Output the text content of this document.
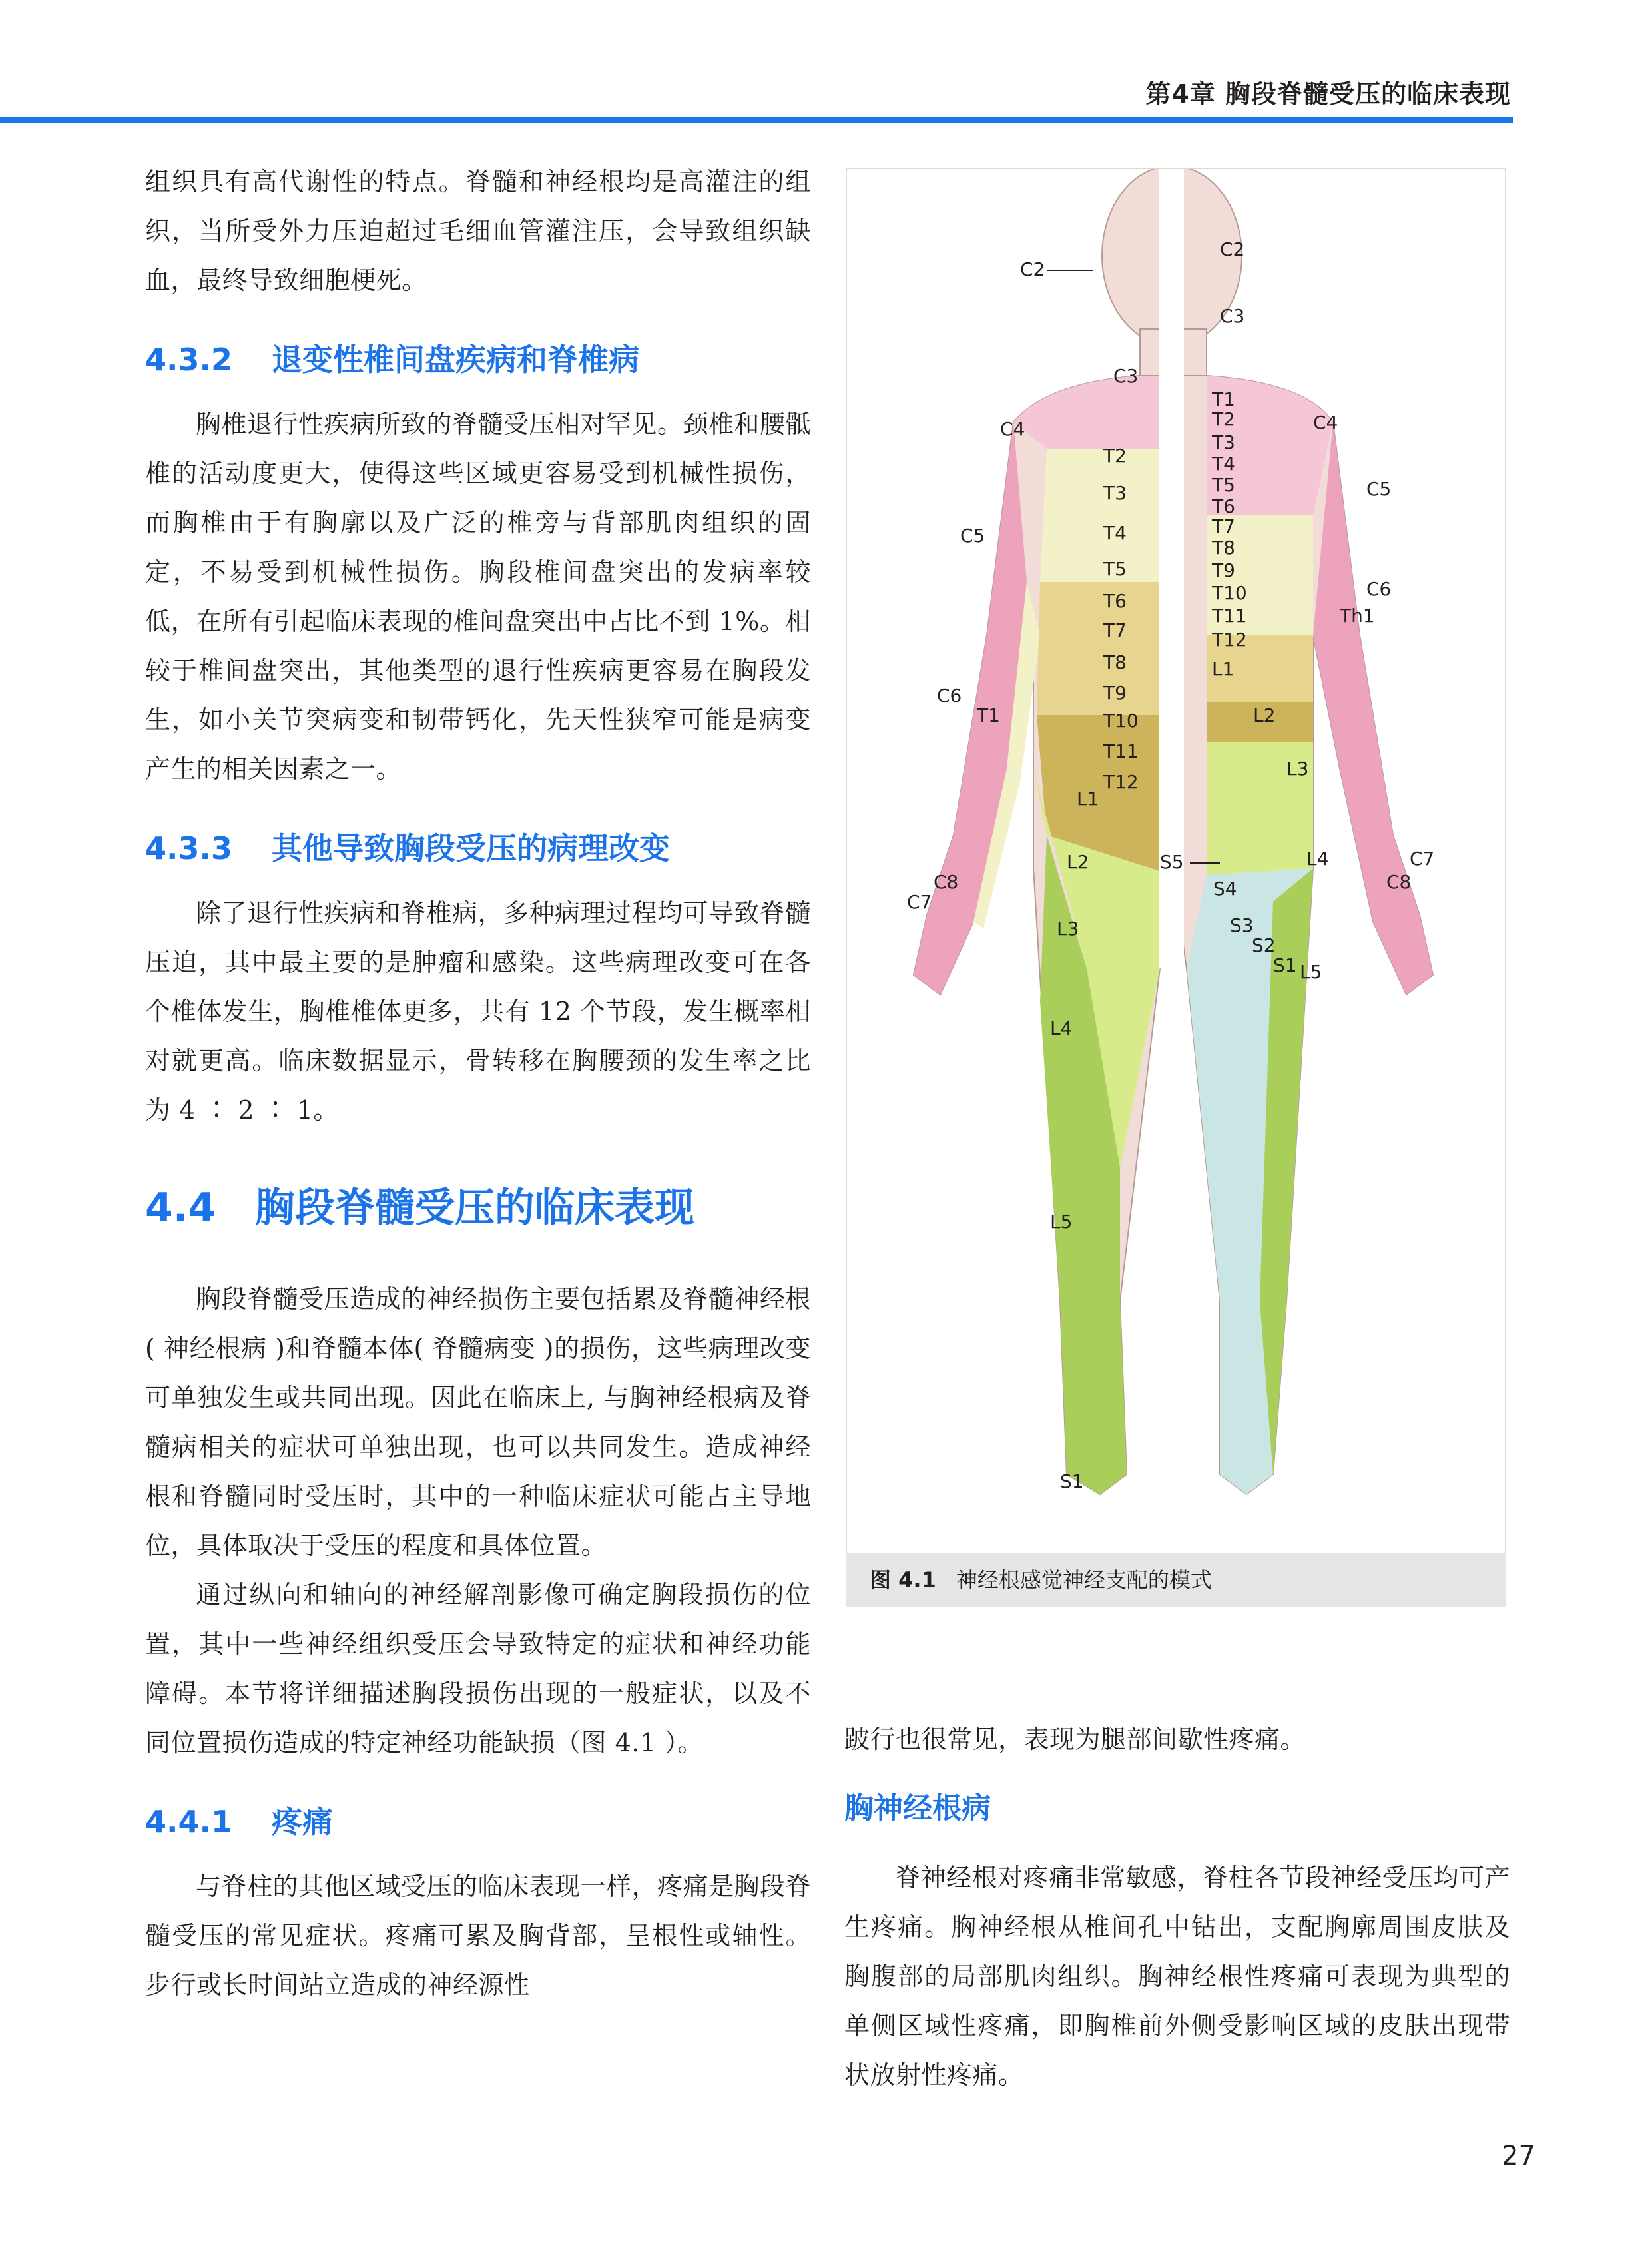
第4章 胸段脊髓受压的临床表现

组织具有高代谢性的特点。脊髓和神经根均是高灌注的组织，当所受外力压迫超过毛细血管灌注压，会导致组织缺血，最终导致细胞梗死。

4.3.2 退变性椎间盘疾病和脊椎病

胸椎退行性疾病所致的脊髓受压相对罕见。颈椎和腰骶椎的活动度更大，使得这些区域更容易受到机械性损伤，而胸椎由于有胸廓以及广泛的椎旁与背部肌肉组织的固定，不易受到机械性损伤。胸段椎间盘突出的发病率较低，在所有引起临床表现的椎间盘突出中占比不到 1%。相较于椎间盘突出，其他类型的退行性疾病更容易在胸段发生，如小关节突病变和韧带钙化，先天性狭窄可能是病变产生的相关因素之一。

4.3.3 其他导致胸段受压的病理改变

除了退行性疾病和脊椎病，多种病理过程均可导致脊髓压迫，其中最主要的是肿瘤和感染。这些病理改变可在各个椎体发生，胸椎椎体更多，共有 12 个节段，发生概率相对就更高。临床数据显示，骨转移在胸腰颈的发生率之比为 4 ∶ 2 ∶ 1。

4.4 胸段脊髓受压的临床表现

胸段脊髓受压造成的神经损伤主要包括累及脊髓神经根( 神经根病 )和脊髓本体( 脊髓病变 )的损伤，这些病理改变可单独发生或共同出现。因此在临床上, 与胸神经根病及脊髓病相关的症状可单独出现，也可以共同发生。造成神经根和脊髓同时受压时，其中的一种临床症状可能占主导地位，具体取决于受压的程度和具体位置。

通过纵向和轴向的神经解剖影像可确定胸段损伤的位置，其中一些神经组织受压会导致特定的症状和神经功能障碍。本节将详细描述胸段损伤出现的一般症状，以及不同位置损伤造成的特定神经功能缺损（图 4.1 ）。

4.4.1 疼痛

与脊柱的其他区域受压的临床表现一样，疼痛是胸段脊髓受压的常见症状。疼痛可累及胸背部，呈根性或轴性。步行或长时间站立造成的神经源性

C2
C3
C4
C5
C6
T1
C8
C7
T2
T3
T4
T5
T6
T7
T8
T9
T10
T11
T12
L1
L2
L3
L4
L5
S1
C2
C3
C4
C5
C6
Th1
C7
C8
T1
T2
T3
T4
T5
T6
T7
T8
T9
T10
T11
T12
L1
L2
L3
L4
S5
S4
S3
S2
S1 L5
图 4.1 神经根感觉神经支配的模式

跛行也很常见，表现为腿部间歇性疼痛。

胸神经根病

脊神经根对疼痛非常敏感，脊柱各节段神经受压均可产生疼痛。胸神经根从椎间孔中钻出，支配胸廓周围皮肤及胸腹部的局部肌肉组织。胸神经根性疼痛可表现为典型的单侧区域性疼痛，即胸椎前外侧受影响区域的皮肤出现带状放射性疼痛。

27
